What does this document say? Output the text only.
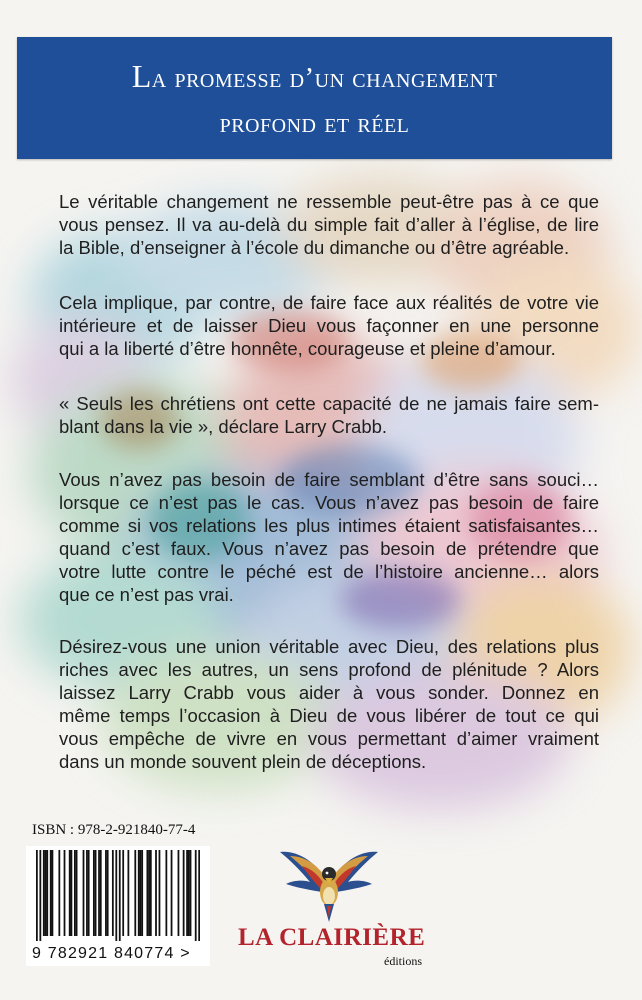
La promesse d’un changement
profond et réel
Le véritable changement ne ressemble peut-être pas à ce que
vous pensez. Il va au-delà du simple fait d’aller à l’église, de lire
la Bible, d’enseigner à l’école du dimanche ou d’être agréable.
Cela implique, par contre, de faire face aux réalités de votre vie
intérieure et de laisser Dieu vous façonner en une personne
qui a la liberté d’être honnête, courageuse et pleine d’amour.
« Seuls les chrétiens ont cette capacité de ne jamais faire sem-
blant dans la vie », déclare Larry Crabb.
Vous n’avez pas besoin de faire semblant d’être sans souci…
lorsque ce n’est pas le cas. Vous n’avez pas besoin de faire
comme si vos relations les plus intimes étaient satisfaisantes…
quand c’est faux. Vous n’avez pas besoin de prétendre que
votre lutte contre le péché est de l’histoire ancienne… alors
que ce n’est pas vrai.
Désirez-vous une union véritable avec Dieu, des relations plus
riches avec les autres, un sens profond de plénitude ? Alors
laissez Larry Crabb vous aider à vous sonder. Donnez en
même temps l’occasion à Dieu de vous libérer de tout ce qui
vous empêche de vivre en vous permettant d’aimer vraiment
dans un monde souvent plein de déceptions.
ISBN : 978-2-921840-77-4
9 782921 840774 >
LA CLAIRIÈRE
éditions
